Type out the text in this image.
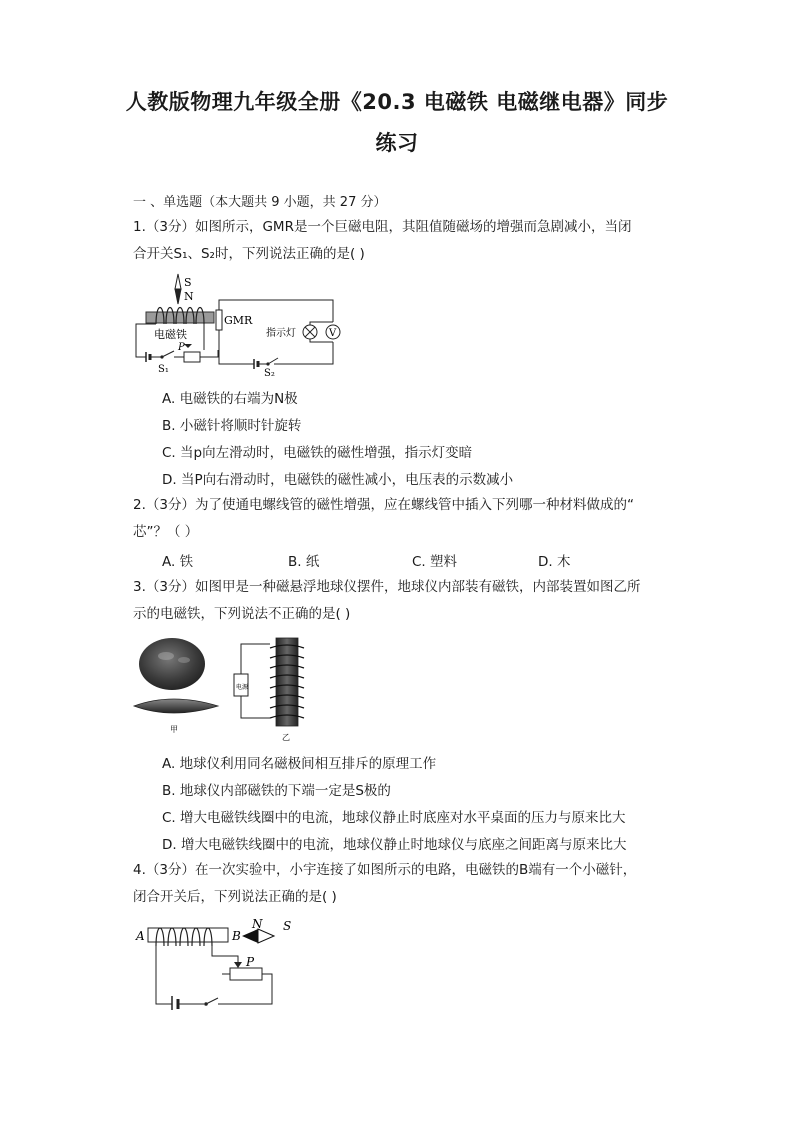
人教版物理九年级全册《20.3 电磁铁 电磁继电器》同步
练习
一 、单选题（本大题共 9 小题，共 27 分）
1.（3分）如图所示，GMR是一个巨磁电阻，其阻值随磁场的增强而急剧减小，当闭
合开关S₁、S₂时，下列说法正确的是( )
S
N
电磁铁
S₁
P
GMR
指示灯	V
S₂
A. 电磁铁的右端为N极
B. 小磁针将顺时针旋转
C. 当p向左滑动时，电磁铁的磁性增强，指示灯变暗
D. 当P向右滑动时，电磁铁的磁性减小，电压表的示数减小
2.（3分）为了使通电螺线管的磁性增强，应在螺线管中插入下列哪一种材料做成的“
芯”？（ ）
A. 铁	B. 纸	C. 塑料	D. 木
3.（3分）如图甲是一种磁悬浮地球仪摆件，地球仪内部装有磁铁，内部装置如图乙所
示的电磁铁，下列说法不正确的是( )
甲
电源
乙
A. 地球仪利用同名磁极间相互排斥的原理工作
B. 地球仪内部磁铁的下端一定是S极的
C. 增大电磁铁线圈中的电流，地球仪静止时底座对水平桌面的压力与原来比大
D. 增大电磁铁线圈中的电流，地球仪静止时地球仪与底座之间距离与原来比大
4.（3分）在一次实验中，小宇连接了如图所示的电路，电磁铁的B端有一个小磁针，
闭合开关后，下列说法正确的是( )
A	B
N S
P
